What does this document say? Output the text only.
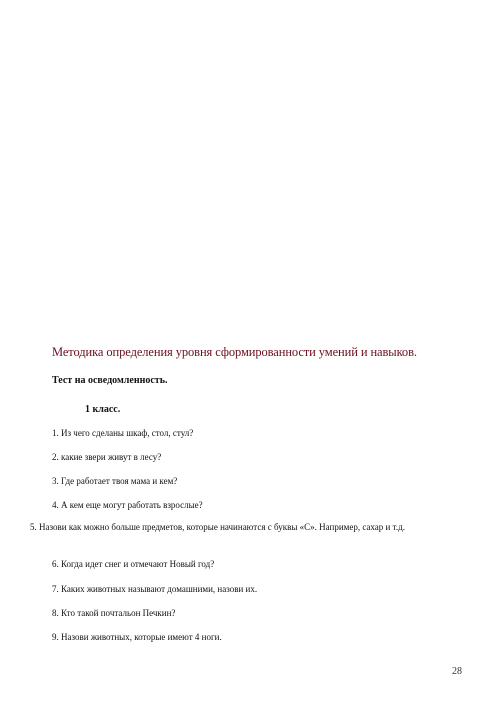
Методика определения уровня сформированности умений и навыков.
Тест на осведомленность.
1 класс.
1. Из чего сделаны шкаф, стол, стул?
2. какие звери живут в лесу?
3. Где работает твоя мама и кем?
4. А кем еще могут работать взрослые?
5. Назови как можно больше предметов, которые начинаются с буквы «С». Например, сахар и т.д.
6. Когда идет снег и отмечают Новый год?
7. Каких животных называют домашними, назови их.
8. Кто такой почтальон Печкин?
9. Назови животных, которые имеют 4 ноги.
28
